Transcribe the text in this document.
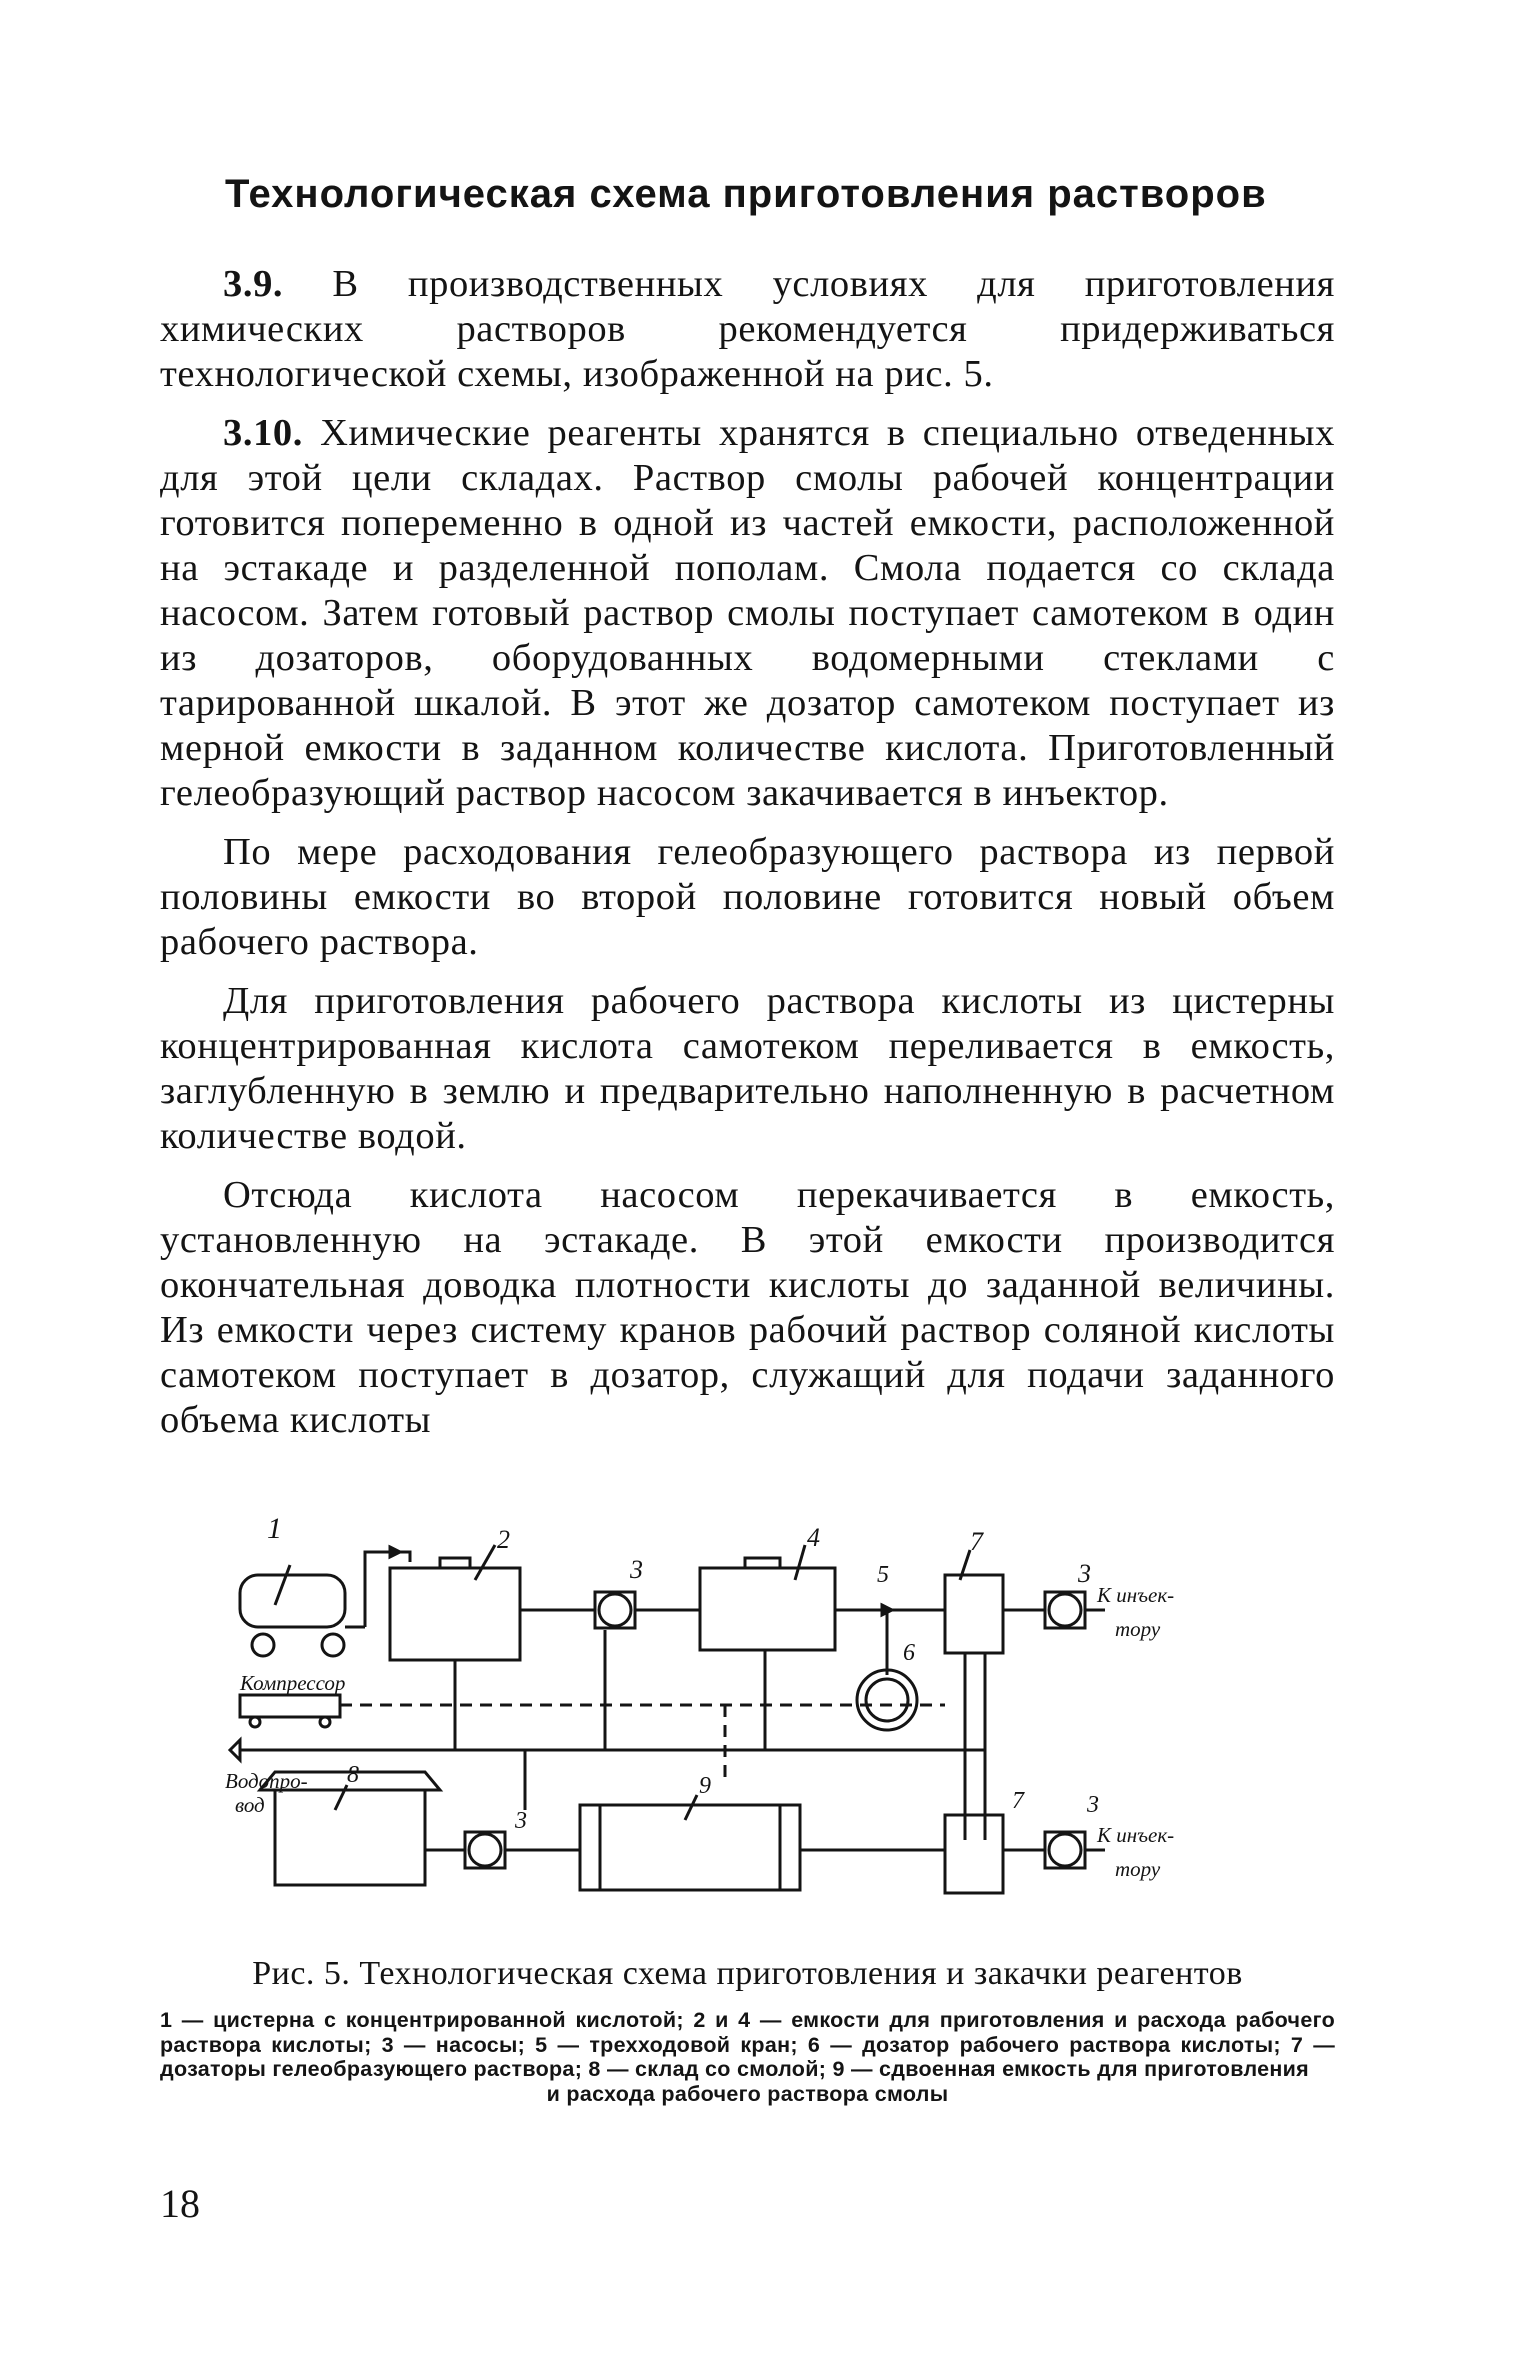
Технологическая схема приготовления растворов

3.9. В производственных условиях для приготовления химических растворов рекомендуется придерживаться технологической схемы, изображенной на рис. 5.

3.10. Химические реагенты хранятся в специально отведенных для этой цели складах. Раствор смолы рабочей концентрации готовится попеременно в одной из частей емкости, расположенной на эстакаде и разделенной пополам. Смола подается со склада насосом. Затем готовый раствор смолы поступает самотеком в один из дозаторов, оборудованных водомерными стеклами с тарированной шкалой. В этот же дозатор самотеком поступает из мерной емкости в заданном количестве кислота. Приготовленный гелеобразующий раствор насосом закачивается в инъектор.

По мере расходования гелеобразующего раствора из первой половины емкости во второй половине готовится новый объем рабочего раствора.

Для приготовления рабочего раствора кислоты из цистерны концентрированная кислота самотеком переливается в емкость, заглубленную в землю и предварительно наполненную в расчетном количестве водой.

Отсюда кислота насосом перекачивается в емкость, установленную на эстакаде. В этой емкости производится окончательная доводка плотности кислоты до заданной величины. Из емкости через систему кранов рабочий раствор соляной кислоты самотеком поступает в дозатор, служащий для подачи заданного объема кислоты

1	2
3
4
5
7
3
6
8
3
9
7	3
Компрессор
Водопро-
вод
К инъек-
тору
К инъек-
тору

Рис. 5. Технологическая схема приготовления и закачки реагентов

1 — цистерна с концентрированной кислотой; 2 и 4 — емкости для приготовления и расхода рабочего раствора кислоты; 3 — насосы; 5 — трехходовой кран; 6 — дозатор рабочего раствора кислоты; 7 — дозаторы гелеобразующего раствора; 8 — склад со смолой; 9 — сдвоенная емкость для приготовления
и расхода рабочего раствора смолы

18
